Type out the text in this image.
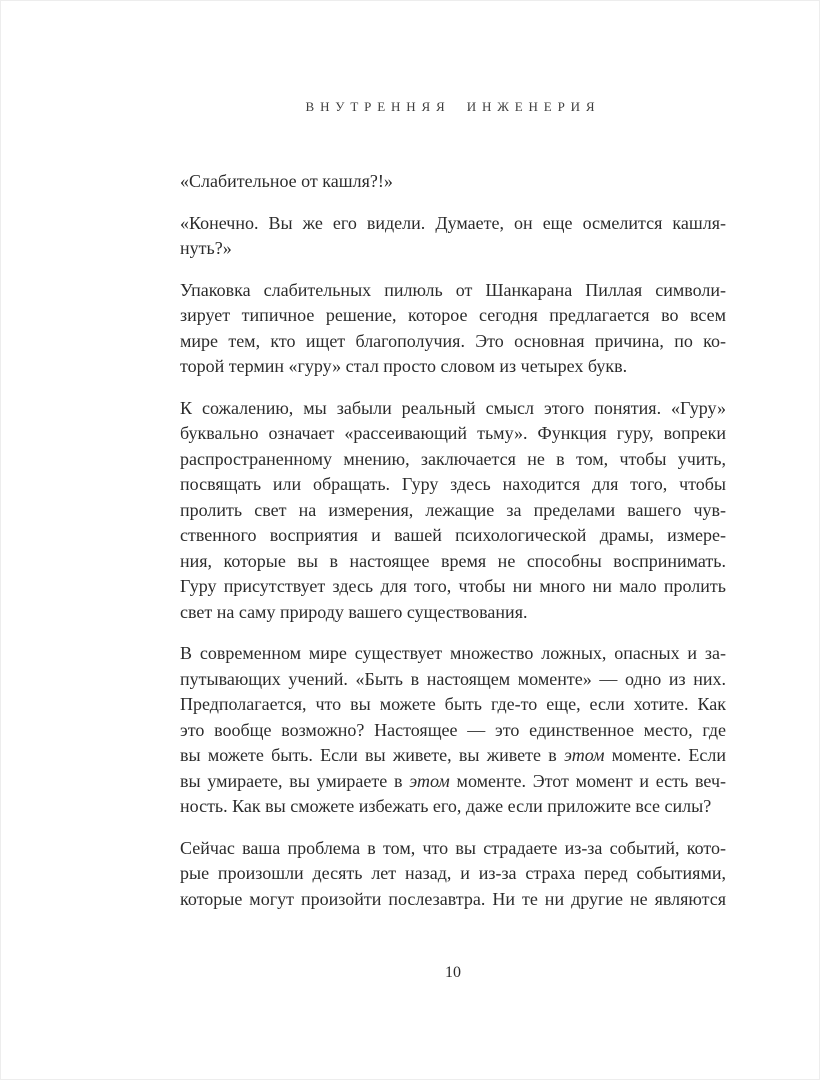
ВНУТРЕННЯЯ ИНЖЕНЕРИЯ
«Слабительное от кашля?!»
«Конечно. Вы же его видели. Думаете, он еще осмелится кашля-
нуть?»
Упаковка слабительных пилюль от Шанкарана Пиллая символи-
зирует типичное решение, которое сегодня предлагается во всем
мире тем, кто ищет благополучия. Это основная причина, по ко-
торой термин «гуру» стал просто словом из четырех букв.
К сожалению, мы забыли реальный смысл этого понятия. «Гуру»
буквально означает «рассеивающий тьму». Функция гуру, вопреки
распространенному мнению, заключается не в том, чтобы учить,
посвящать или обращать. Гуру здесь находится для того, чтобы
пролить свет на измерения, лежащие за пределами вашего чув-
ственного восприятия и вашей психологической драмы, измере-
ния, которые вы в настоящее время не способны воспринимать.
Гуру присутствует здесь для того, чтобы ни много ни мало пролить
свет на саму природу вашего существования.
В современном мире существует множество ложных, опасных и за-
путывающих учений. «Быть в настоящем моменте» — одно из них.
Предполагается, что вы можете быть где-то еще, если хотите. Как
это вообще возможно? Настоящее — это единственное место, где
вы можете быть. Если вы живете, вы живете в этом моменте. Если
вы умираете, вы умираете в этом моменте. Этот момент и есть веч-
ность. Как вы сможете избежать его, даже если приложите все силы?
Сейчас ваша проблема в том, что вы страдаете из-за событий, кото-
рые произошли десять лет назад, и из-за страха перед событиями,
которые могут произойти послезавтра. Ни те ни другие не являются
10
